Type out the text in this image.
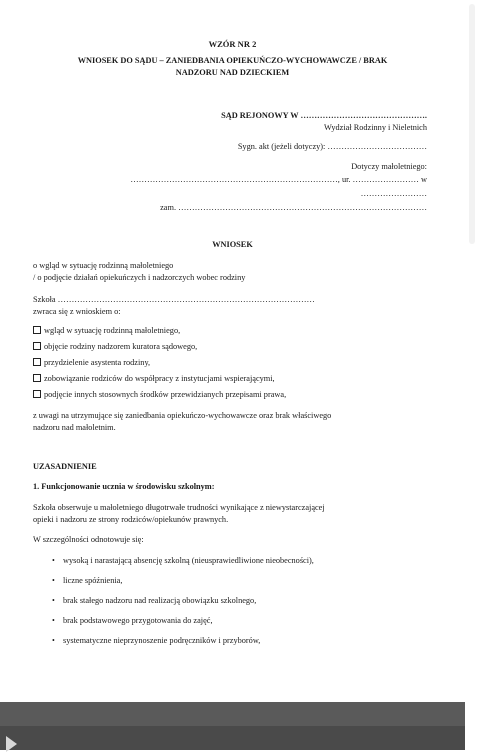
WZÓR NR 2
WNIOSEK DO SĄDU – ZANIEDBANIA OPIEKUŃCZO-WYCHOWAWCZE / BRAK
NADZORU NAD DZIECKIEM
SĄD REJONOWY W ……………………………………….
Wydział Rodzinny i Nieletnich
Sygn. akt (jeżeli dotyczy): ………………………………
Dotyczy małoletniego:
…………………………………………………………………, ur. …………………… w
……………………
zam. ………………………………………………………………………………
WNIOSEK
o wgląd w sytuację rodzinną małoletniego
/ o podjęcie działań opiekuńczych i nadzorczych wobec rodziny
Szkoła …………………………………………………………………………………
zwraca się z wnioskiem o:
wgląd w sytuację rodzinną małoletniego,
objęcie rodziny nadzorem kuratora sądowego,
przydzielenie asystenta rodziny,
zobowiązanie rodziców do współpracy z instytucjami wspierającymi,
podjęcie innych stosownych środków przewidzianych przepisami prawa,
z uwagi na utrzymujące się zaniedbania opiekuńczo-wychowawcze oraz brak właściwego
nadzoru nad małoletnim.
UZASADNIENIE
1. Funkcjonowanie ucznia w środowisku szkolnym:
Szkoła obserwuje u małoletniego długotrwałe trudności wynikające z niewystarczającej
opieki i nadzoru ze strony rodziców/opiekunów prawnych.
W szczególności odnotowuje się:
• wysoką i narastającą absencję szkolną (nieusprawiedliwione nieobecności),
• liczne spóźnienia,
• brak stałego nadzoru nad realizacją obowiązku szkolnego,
• brak podstawowego przygotowania do zajęć,
• systematyczne nieprzynoszenie podręczników i przyborów,
